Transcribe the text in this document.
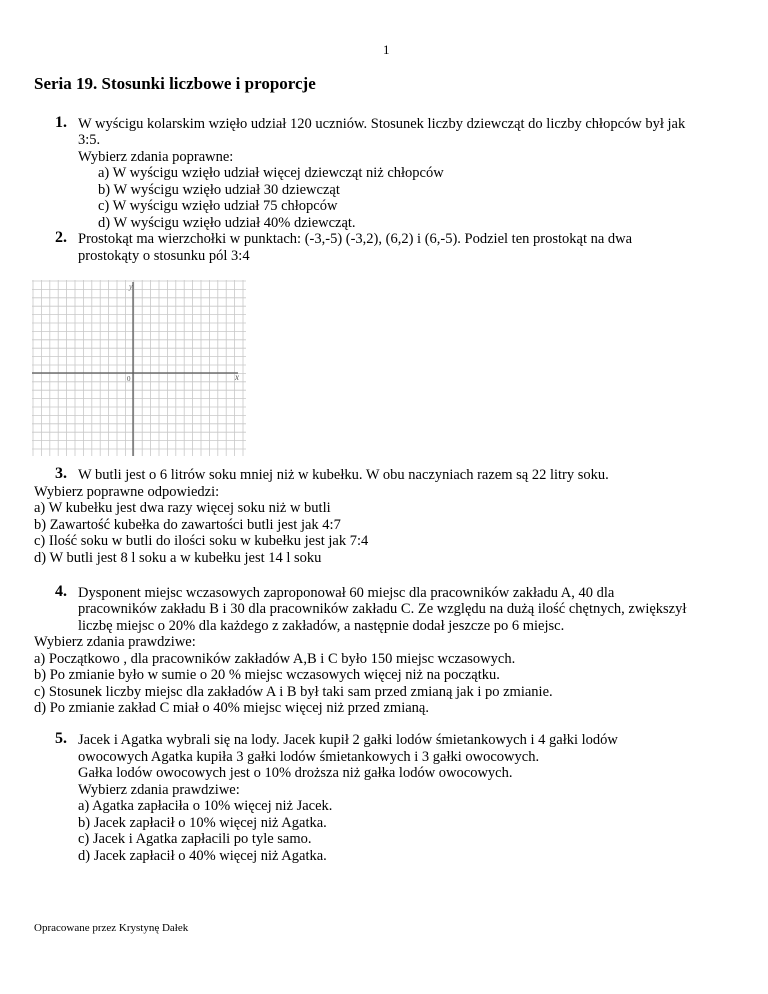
1
Seria 19. Stosunki liczbowe i proporcje
1. W wyścigu kolarskim wzięło udział 120 uczniów. Stosunek liczby dziewcząt do liczby chłopców był jak
3:5.
Wybierz zdania poprawne:
a) W wyścigu wzięło udział więcej dziewcząt niż chłopców
b) W wyścigu wzięło udział 30 dziewcząt
c) W wyścigu wzięło udział 75 chłopców
d) W wyścigu wzięło udział 40% dziewcząt.
2. Prostokąt ma wierzchołki w punktach: (-3,-5) (-3,2), (6,2) i (6,-5). Podziel ten prostokąt na dwa
prostokąty o stosunku pól 3:4
x
y
0
3. W butli jest o 6 litrów soku mniej niż w kubełku. W obu naczyniach razem są 22 litry soku.
Wybierz poprawne odpowiedzi:
a) W kubełku jest dwa razy więcej soku niż w butli
b) Zawartość kubełka do zawartości butli jest jak 4:7
c) Ilość soku w butli do ilości soku w kubełku jest jak 7:4
d) W butli jest 8 l soku a w kubełku jest 14 l soku
4. Dysponent miejsc wczasowych zaproponował 60 miejsc dla pracowników zakładu A, 40 dla
pracowników zakładu B i 30 dla pracowników zakładu C. Ze względu na dużą ilość chętnych, zwiększył
liczbę miejsc o 20% dla każdego z zakładów, a następnie dodał jeszcze po 6 miejsc.
Wybierz zdania prawdziwe:
a) Początkowo , dla pracowników zakładów A,B i C było 150 miejsc wczasowych.
b) Po zmianie było w sumie o 20 % miejsc wczasowych więcej niż na początku.
c) Stosunek liczby miejsc dla zakładów A i B był taki sam przed zmianą jak i po zmianie.
d) Po zmianie zakład C miał o 40% miejsc więcej niż przed zmianą.
5. Jacek i Agatka wybrali się na lody. Jacek kupił 2 gałki lodów śmietankowych i 4 gałki lodów
owocowych Agatka kupiła 3 gałki lodów śmietankowych i 3 gałki owocowych.
Gałka lodów owocowych jest o 10% droższa niż gałka lodów owocowych.
Wybierz zdania prawdziwe:
a) Agatka zapłaciła o 10% więcej niż Jacek.
b) Jacek zapłacił o 10% więcej niż Agatka.
c) Jacek i Agatka zapłacili po tyle samo.
d) Jacek zapłacił o 40% więcej niż Agatka.
Opracowane przez Krystynę Dałek
